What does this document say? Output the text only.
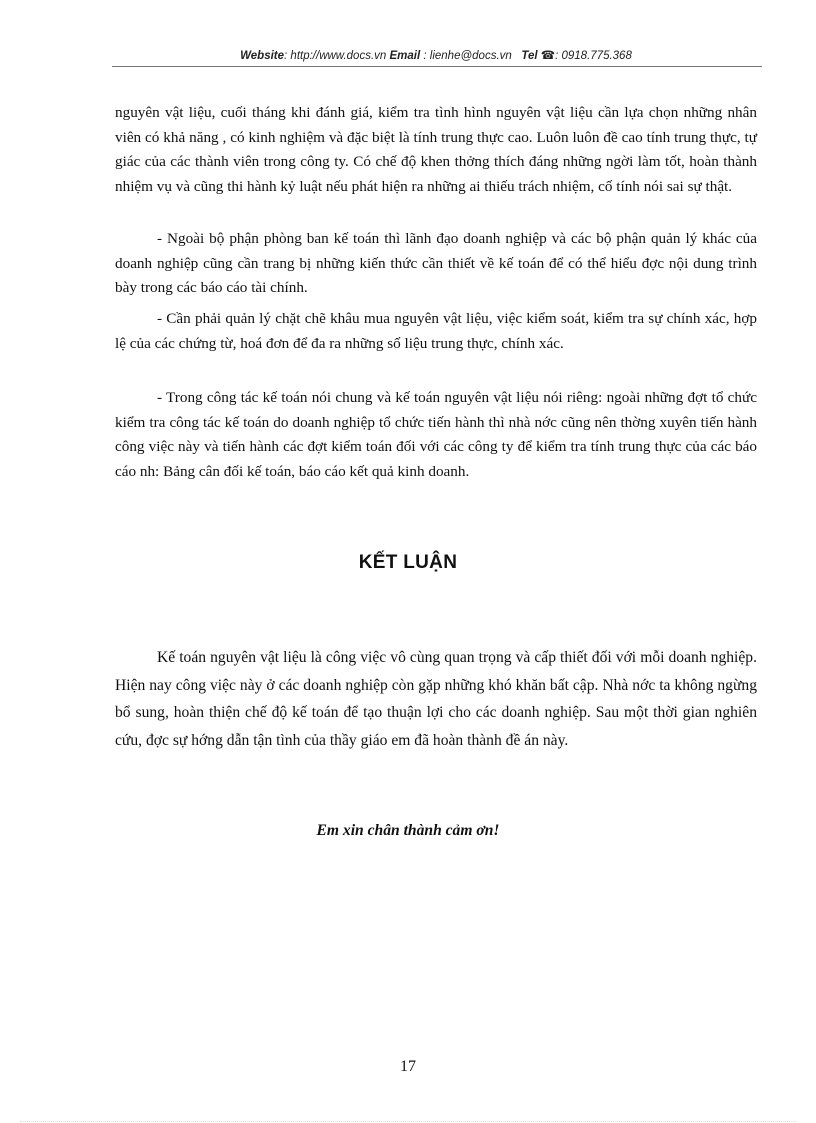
Website: http://www.docs.vn Email : lienhe@docs.vn Tel ☎: 0918.775.368

nguyên vật liệu, cuối tháng khi đánh giá, kiểm tra tình hình nguyên vật liệu cần lựa chọn những nhân viên có khả năng , có kinh nghiệm và đặc biệt là tính trung thực cao. Luôn luôn đề cao tính trung thực, tự giác của các thành viên trong công ty. Có chế độ khen thởng thích đáng những ngời làm tốt, hoàn thành nhiệm vụ và cũng thi hành kỷ luật nếu phát hiện ra những ai thiếu trách nhiệm, cố tính nói sai sự thật.

- Ngoài bộ phận phòng ban kế toán thì lãnh đạo doanh nghiệp và các bộ phận quản lý khác của doanh nghiệp cũng cần trang bị những kiến thức cần thiết về kế toán để có thể hiểu đợc nội dung trình bày trong các báo cáo tài chính.

- Cần phải quản lý chặt chẽ khâu mua nguyên vật liệu, việc kiểm soát, kiểm tra sự chính xác, hợp lệ của các chứng từ, hoá đơn để đa ra những số liệu trung thực, chính xác.

- Trong công tác kế toán nói chung và kế toán nguyên vật liệu nói riêng: ngoài những đợt tổ chức kiểm tra công tác kế toán do doanh nghiệp tổ chức tiến hành thì nhà nớc cũng nên thờng xuyên tiến hành công việc này và tiến hành các đợt kiểm toán đối với các công ty để kiểm tra tính trung thực của các báo cáo nh: Bảng cân đối kế toán, báo cáo kết quả kinh doanh.

KẾT LUẬN

Kế toán nguyên vật liệu là công việc vô cùng quan trọng và cấp thiết đối với mỗi doanh nghiệp. Hiện nay công việc này ở các doanh nghiệp còn gặp những khó khăn bất cập. Nhà nớc ta không ngừng bổ sung, hoàn thiện chế độ kế toán để tạo thuận lợi cho các doanh nghiệp. Sau một thời gian nghiên cứu, đợc sự hớng dẫn tận tình của thầy giáo em đã hoàn thành đề án này.

Em xin chân thành cảm ơn!

17
